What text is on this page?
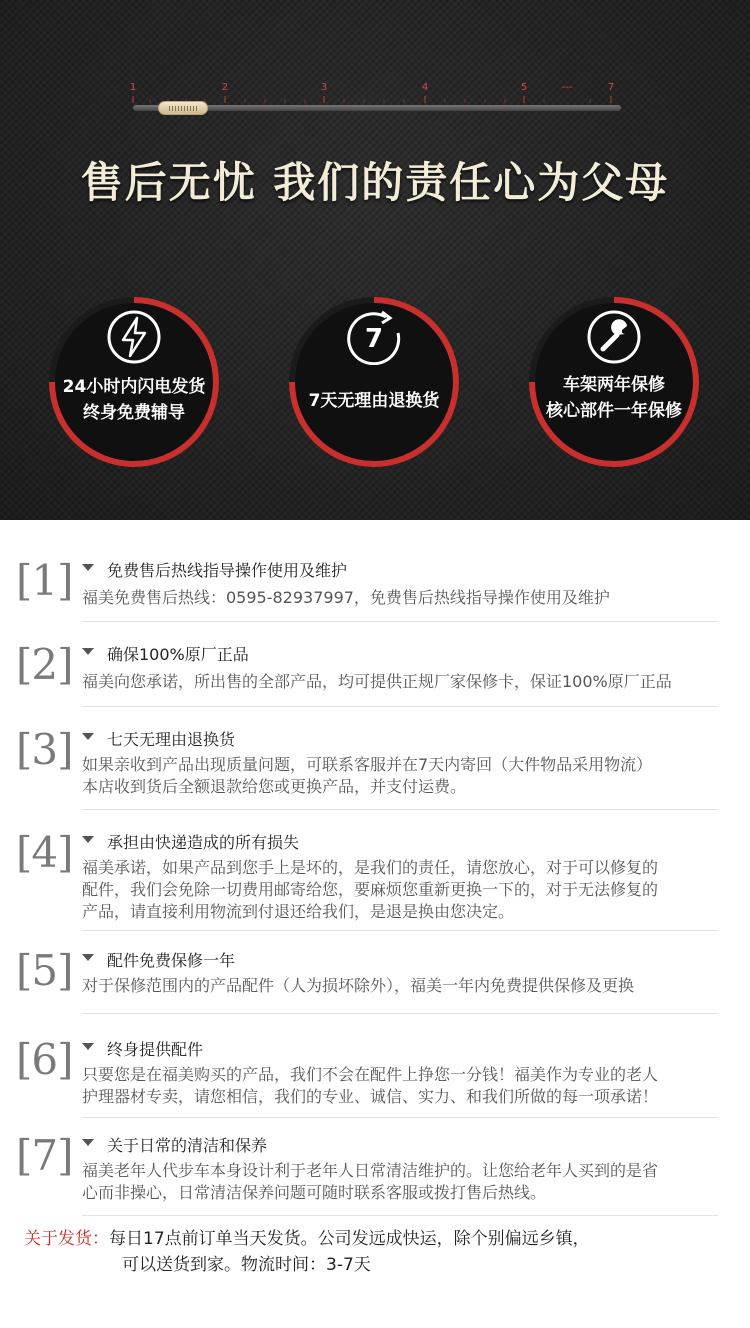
1	2	3	4	5	---	7
售后无忧 我们的责任心为父母
24小时内闪电发货
终身免费辅导
7
7天无理由退换货
车架两年保修
核心部件一年保修
[1] 免费售后热线指导操作使用及维护
福美免费售后热线：0595-82937997，免费售后热线指导操作使用及维护
[2] 确保100%原厂正品
福美向您承诺，所出售的全部产品，均可提供正规厂家保修卡，保证100%原厂正品
[3] 七天无理由退换货
如果亲收到产品出现质量问题，可联系客服并在7天内寄回（大件物品采用物流）
本店收到货后全额退款给您或更换产品，并支付运费。
[4] 承担由快递造成的所有损失
福美承诺，如果产品到您手上是坏的，是我们的责任，请您放心，对于可以修复的
配件，我们会免除一切费用邮寄给您，要麻烦您重新更换一下的，对于无法修复的
产品，请直接利用物流到付退还给我们，是退是换由您决定。
[5] 配件免费保修一年
对于保修范围内的产品配件（人为损坏除外），福美一年内免费提供保修及更换
[6] 终身提供配件
只要您是在福美购买的产品，我们不会在配件上挣您一分钱！福美作为专业的老人
护理器材专卖，请您相信，我们的专业、诚信、实力、和我们所做的每一项承诺！
[7] 关于日常的清洁和保养
福美老年人代步车本身设计利于老年人日常清洁维护的。让您给老年人买到的是省
心而非操心，日常清洁保养问题可随时联系客服或拨打售后热线。
关于发货：每日17点前订单当天发货。公司发远成快运，除个别偏远乡镇，
可以送货到家。物流时间：3-7天
